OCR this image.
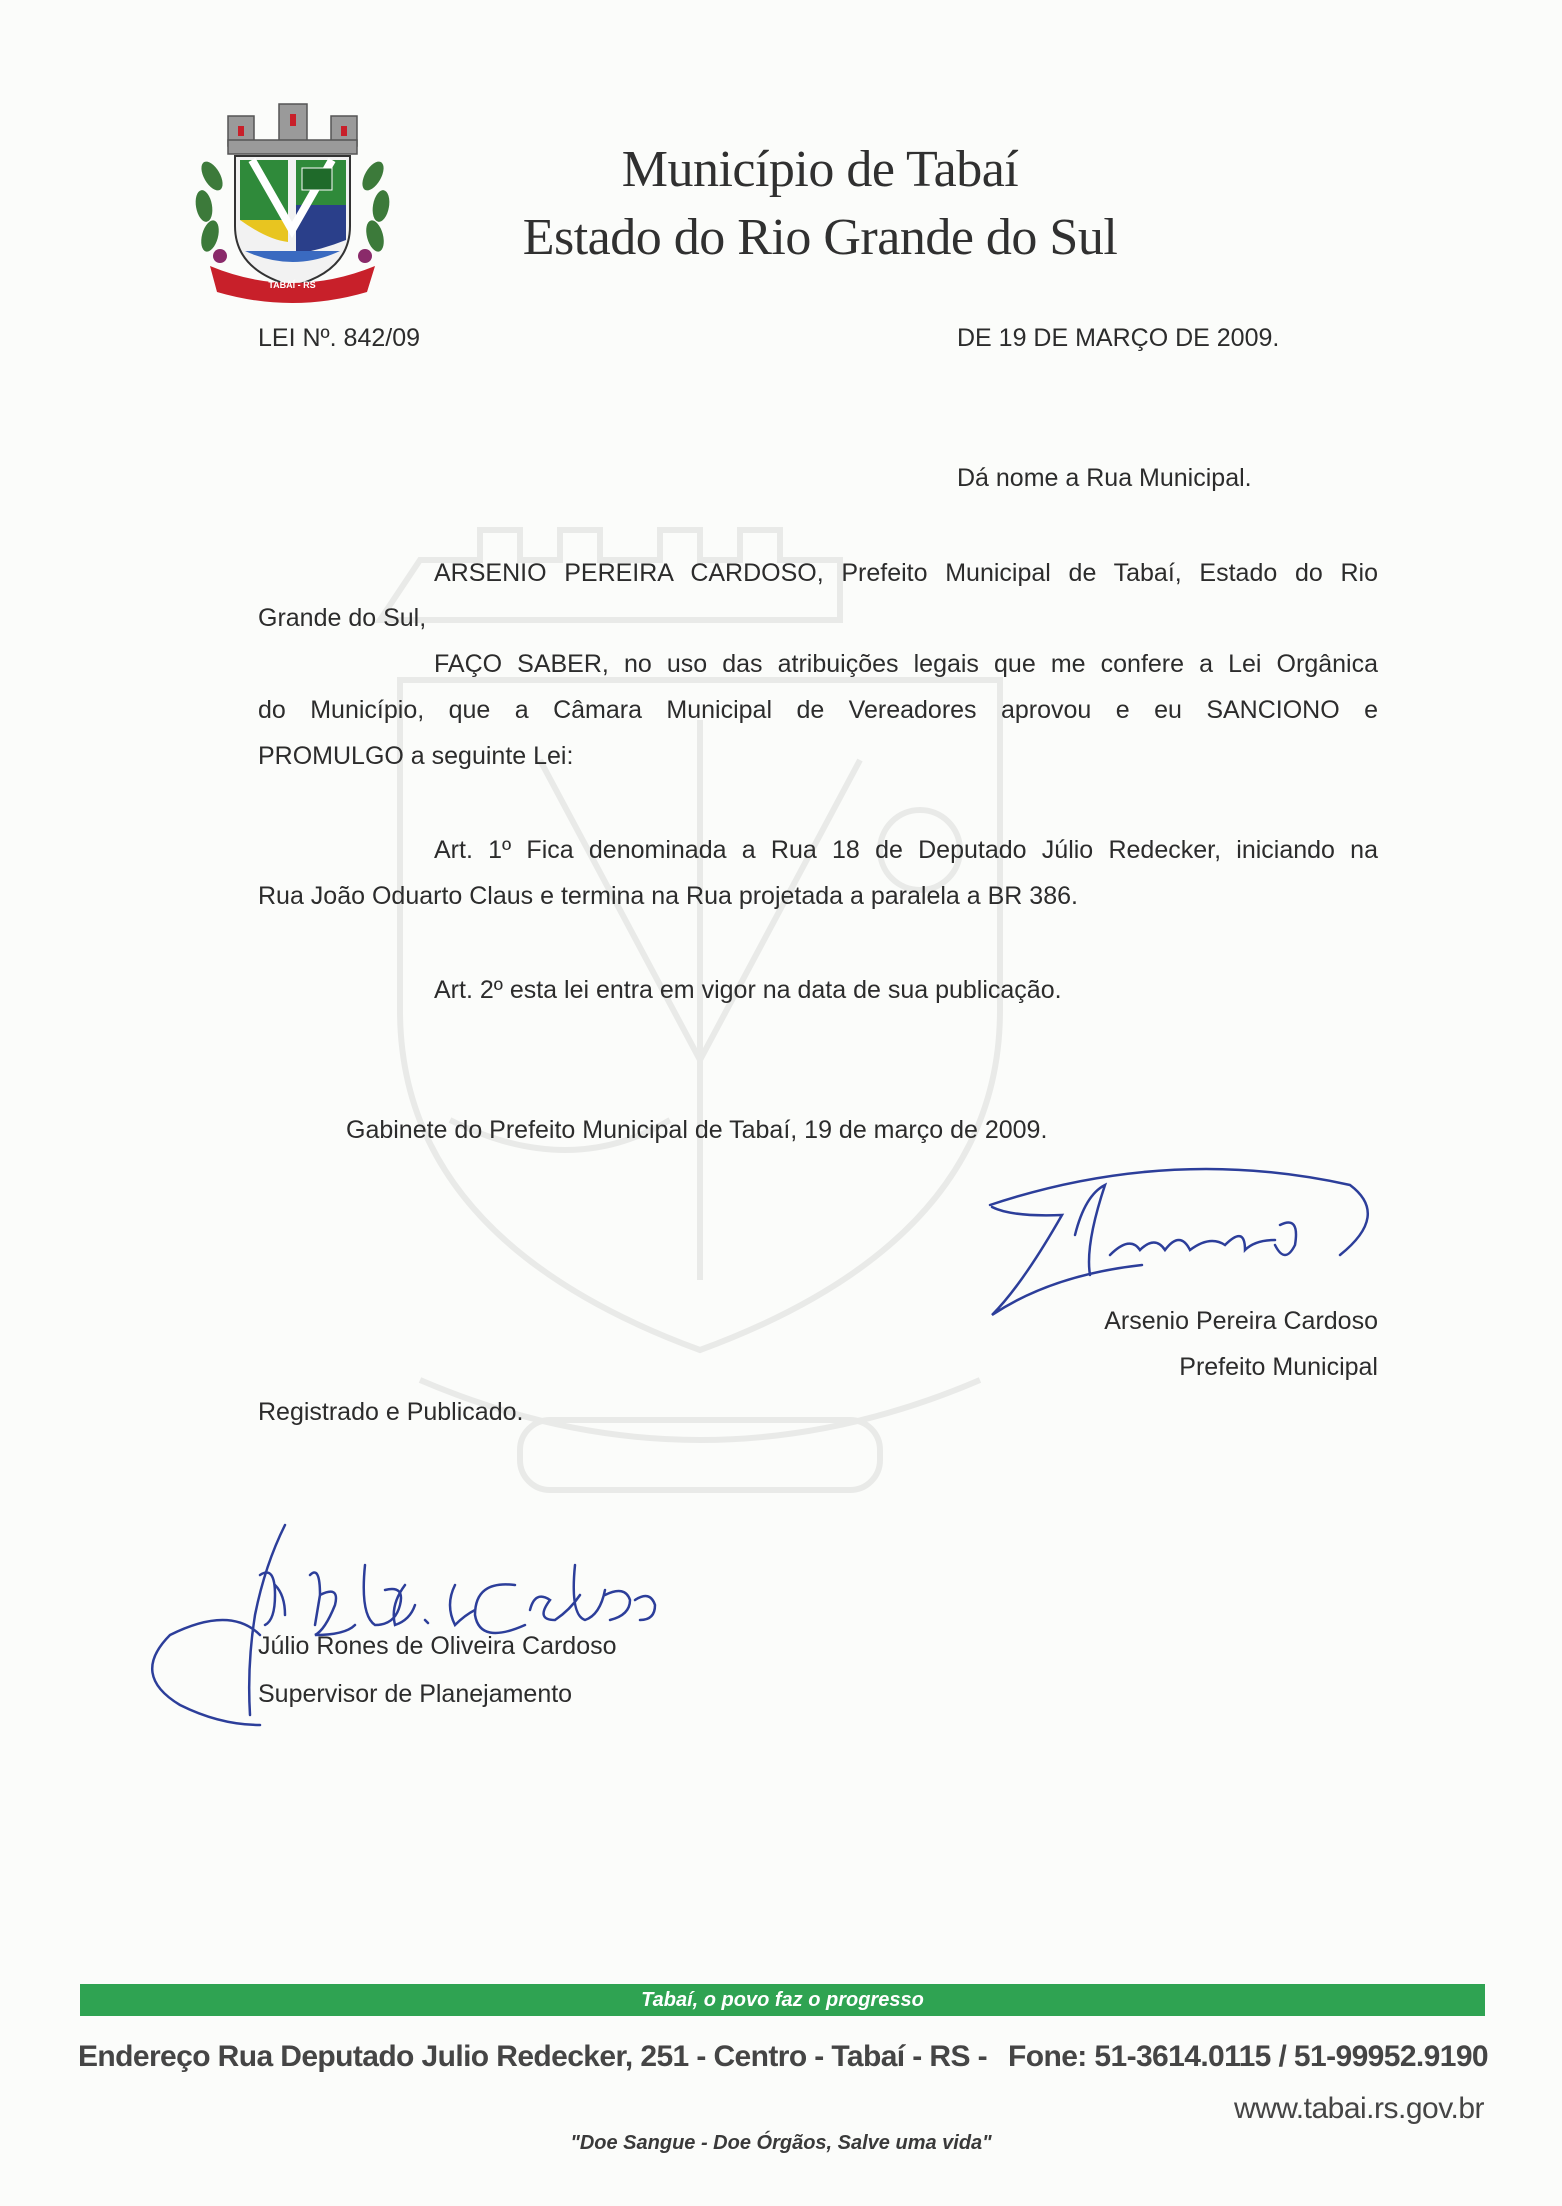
TABAÍ - RS
Município de Tabaí
Estado do Rio Grande do Sul
LEI Nº. 842/09	DE 19 DE MARÇO DE 2009.
Dá nome a Rua Municipal.
ARSENIO PEREIRA CARDOSO, Prefeito Municipal de Tabaí, Estado do Rio
Grande do Sul,
FAÇO SABER, no uso das atribuições legais que me confere a Lei Orgânica
do Município, que a Câmara Municipal de Vereadores aprovou e eu SANCIONO e
PROMULGO a seguinte Lei:
Art. 1º Fica denominada a Rua 18 de Deputado Júlio Redecker, iniciando na
Rua João Oduarto Claus e termina na Rua projetada a paralela a BR 386.
Art. 2º esta lei entra em vigor na data de sua publicação.
Gabinete do Prefeito Municipal de Tabaí, 19 de março de 2009.
Arsenio Pereira Cardoso
Prefeito Municipal
Registrado e Publicado.
Júlio Rones de Oliveira Cardoso
Supervisor de Planejamento
Tabaí, o povo faz o progresso
Endereço Rua Deputado Julio Redecker, 251 - Centro - Tabaí - RS - Fone: 51-3614.0115 / 51-99952.9190
www.tabai.rs.gov.br
"Doe Sangue - Doe Órgãos, Salve uma vida"
